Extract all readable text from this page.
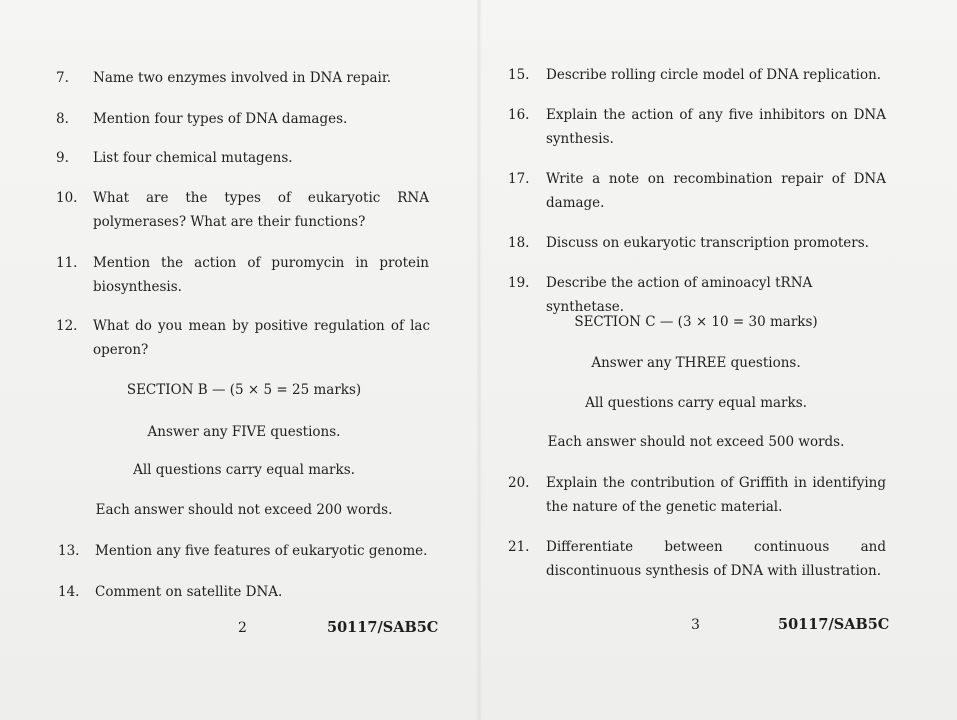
7. Name two enzymes involved in DNA repair.
8. Mention four types of DNA damages.
9. List four chemical mutagens.
10. What are the types of eukaryotic RNA
polymerases? What are their functions?
11. Mention the action of puromycin in protein
biosynthesis.
12. What do you mean by positive regulation of lac
operon?
SECTION B — (5 × 5 = 25 marks)
Answer any FIVE questions.
All questions carry equal marks.
Each answer should not exceed 200 words.
13. Mention any five features of eukaryotic genome.
14. Comment on satellite DNA.
2	50117/SAB5C
15. Describe rolling circle model of DNA replication.
16. Explain the action of any five inhibitors on DNA
synthesis.
17. Write a note on recombination repair of DNA
damage.
18. Discuss on eukaryotic transcription promoters.
19. Describe the action of aminoacyl tRNA synthetase.
SECTION C — (3 × 10 = 30 marks)
Answer any THREE questions.
All questions carry equal marks.
Each answer should not exceed 500 words.
20. Explain the contribution of Griffith in identifying
the nature of the genetic material.
21. Differentiate between continuous and
discontinuous synthesis of DNA with illustration.
3	50117/SAB5C
